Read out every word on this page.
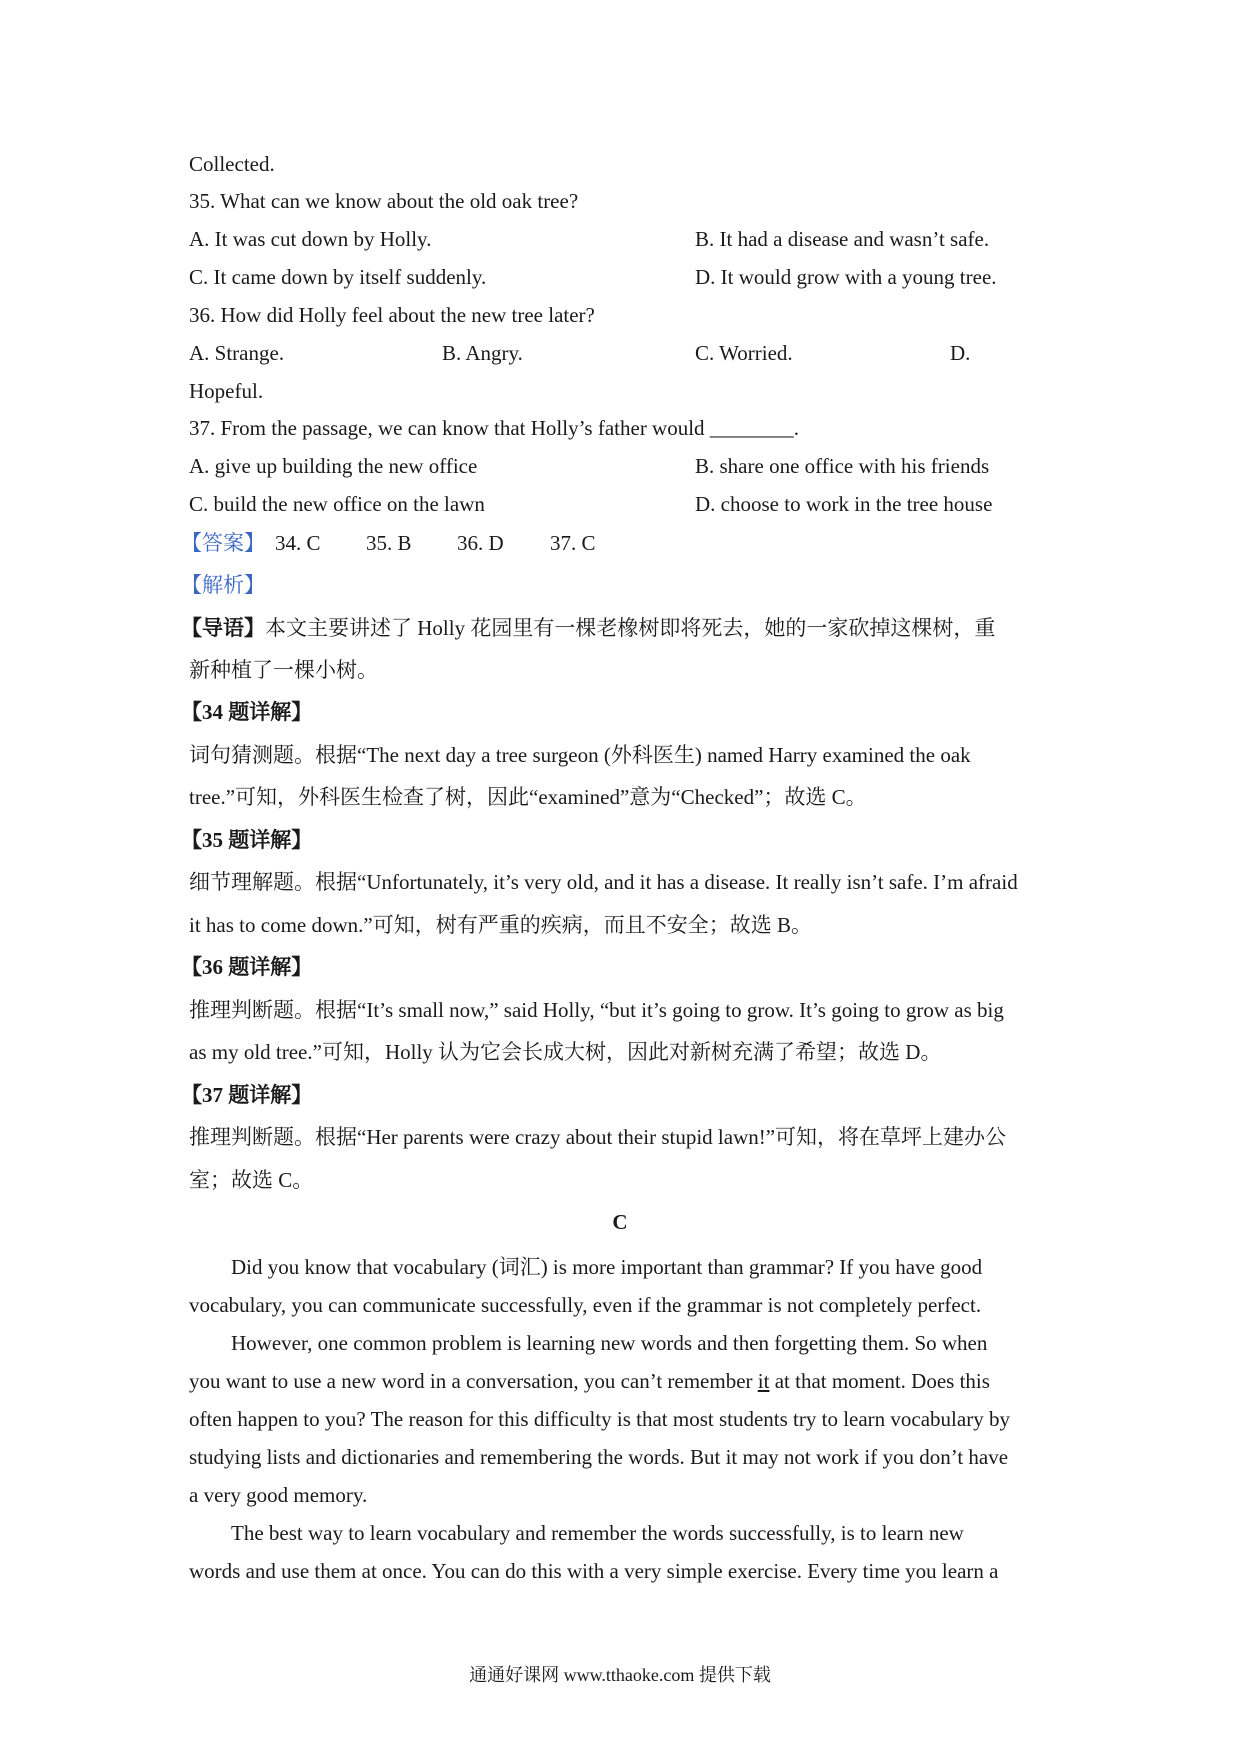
Collected.
35. What can we know about the old oak tree?
A. It was cut down by Holly.	B. It had a disease and wasn’t safe.
C. It came down by itself suddenly.	D. It would grow with a young tree.
36. How did Holly feel about the new tree later?
A. Strange.	B. Angry.	C. Worried.	D.
Hopeful.
37. From the passage, we can know that Holly’s father would ________.
A. give up building the new office	B. share one office with his friends
C. build the new office on the lawn	D. choose to work in the tree house
【答案】 34. C 35. B 36. D 37. C
【解析】
【导语】本文主要讲述了 Holly 花园里有一棵老橡树即将死去，她的一家砍掉这棵树，重
新种植了一棵小树。
【34 题详解】
词句猜测题。根据“The next day a tree surgeon (外科医生) named Harry examined the oak
tree.”可知，外科医生检查了树，因此“examined”意为“Checked”；故选 C。
【35 题详解】
细节理解题。根据“Unfortunately, it’s very old, and it has a disease. It really isn’t safe. I’m afraid
it has to come down.”可知，树有严重的疾病，而且不安全；故选 B。
【36 题详解】
推理判断题。根据“It’s small now,” said Holly, “but it’s going to grow. It’s going to grow as big
as my old tree.”可知，Holly 认为它会长成大树，因此对新树充满了希望；故选 D。
【37 题详解】
推理判断题。根据“Her parents were crazy about their stupid lawn!”可知，将在草坪上建办公
室；故选 C。
C
Did you know that vocabulary (词汇) is more important than grammar? If you have good
vocabulary, you can communicate successfully, even if the grammar is not completely perfect.
However, one common problem is learning new words and then forgetting them. So when
you want to use a new word in a conversation, you can’t remember it at that moment. Does this
often happen to you? The reason for this difficulty is that most students try to learn vocabulary by
studying lists and dictionaries and remembering the words. But it may not work if you don’t have
a very good memory.
The best way to learn vocabulary and remember the words successfully, is to learn new
words and use them at once. You can do this with a very simple exercise. Every time you learn a
通通好课网 www.tthaoke.com 提供下载
